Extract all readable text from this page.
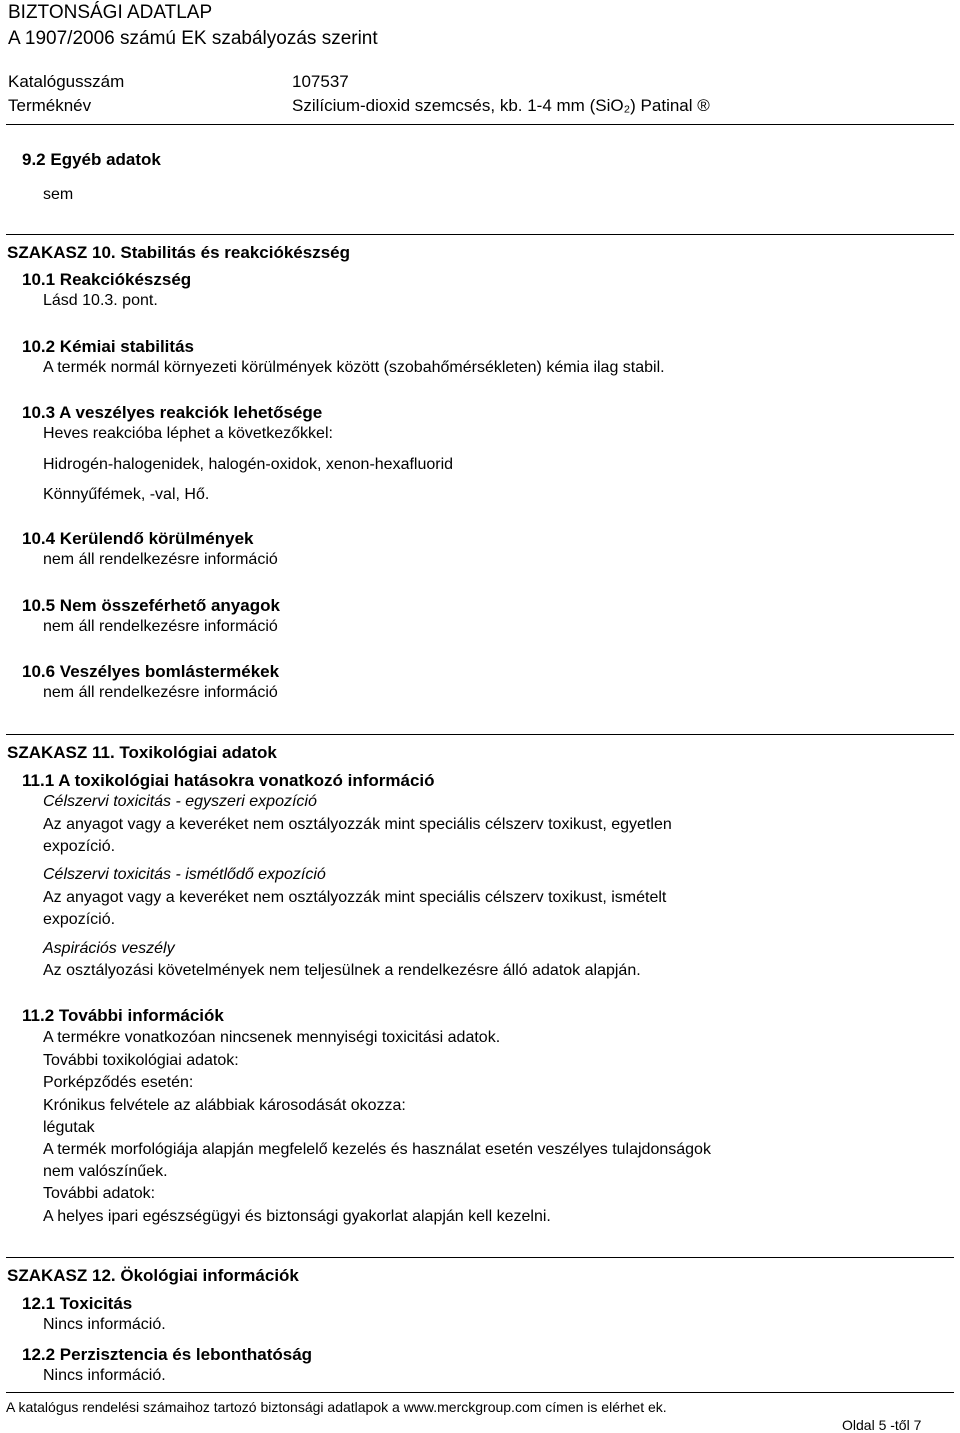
BIZTONSÁGI ADATLAP
A 1907/2006 számú EK szabályozás szerint
Katalógusszám	107537
Terméknév	Szilícium-dioxid szemcsés, kb. 1-4 mm (SiO₂) Patinal ®
9.2 Egyéb adatok
sem
SZAKASZ 10. Stabilitás és reakciókészség
10.1 Reakciókészség
Lásd 10.3. pont.
10.2 Kémiai stabilitás
A termék normál környezeti körülmények között (szobahőmérsékleten) kémia ilag stabil.
10.3 A veszélyes reakciók lehetősége
Heves reakcióba léphet a következőkkel:
Hidrogén-halogenidek, halogén-oxidok, xenon-hexafluorid
Könnyűfémek, -val, Hő.
10.4 Kerülendő körülmények
nem áll rendelkezésre információ
10.5 Nem összeférhető anyagok
nem áll rendelkezésre információ
10.6 Veszélyes bomlástermékek
nem áll rendelkezésre információ
SZAKASZ 11. Toxikológiai adatok
11.1 A toxikológiai hatásokra vonatkozó információ
Célszervi toxicitás - egyszeri expozíció
Az anyagot vagy a keveréket nem osztályozzák mint speciális célszerv toxikust, egyetlen
expozíció.
Célszervi toxicitás - ismétlődő expozíció
Az anyagot vagy a keveréket nem osztályozzák mint speciális célszerv toxikust, ismételt
expozíció.
Aspirációs veszély
Az osztályozási követelmények nem teljesülnek a rendelkezésre álló adatok alapján.
11.2 További információk
A termékre vonatkozóan nincsenek mennyiségi toxicitási adatok.
További toxikológiai adatok:
Porképződés esetén:
Krónikus felvétele az alábbiak károsodását okozza:
légutak
A termék morfológiája alapján megfelelő kezelés és használat esetén veszélyes tulajdonságok
nem valószínűek.
További adatok:
A helyes ipari egészségügyi és biztonsági gyakorlat alapján kell kezelni.
SZAKASZ 12. Ökológiai információk
12.1 Toxicitás
Nincs információ.
12.2 Perzisztencia és lebonthatóság
Nincs információ.
A katalógus rendelési számaihoz tartozó biztonsági adatlapok a www.merckgroup.com címen is elérhet ek.
Oldal 5 -től 7
